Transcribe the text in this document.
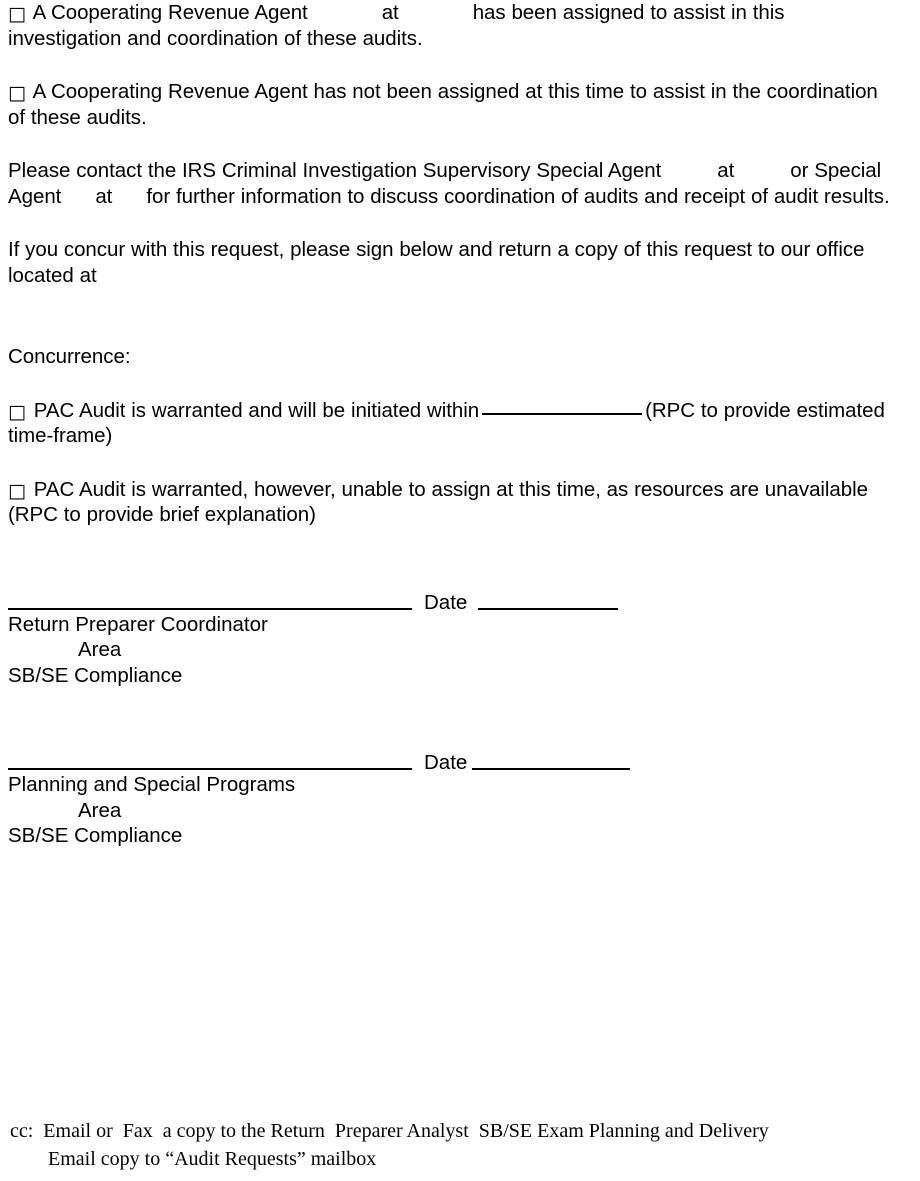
□ A Cooperating Revenue Agent	at	has been assigned to assist in this investigation and coordination of these audits.

□ A Cooperating Revenue Agent has not been assigned at this time to assist in the coordination of these audits.

Please contact the IRS Criminal Investigation Supervisory Special Agent	at	or Special Agent at for further information to discuss coordination of audits and receipt of audit results.

If you concur with this request, please sign below and return a copy of this request to our office located at

Concurrence:

□ PAC Audit is warranted and will be initiated within	(RPC to provide estimated time-frame)

□ PAC Audit is warranted, however, unable to assign at this time, as resources are unavailable (RPC to provide brief explanation)

Date
Return Preparer Coordinator
Area
SB/SE Compliance
Date
Planning and Special Programs
Area
SB/SE Compliance
cc:  Email or  Fax  a copy to the Return  Preparer Analyst  SB/SE Exam Planning and Delivery
Email copy to “Audit Requests” mailbox
